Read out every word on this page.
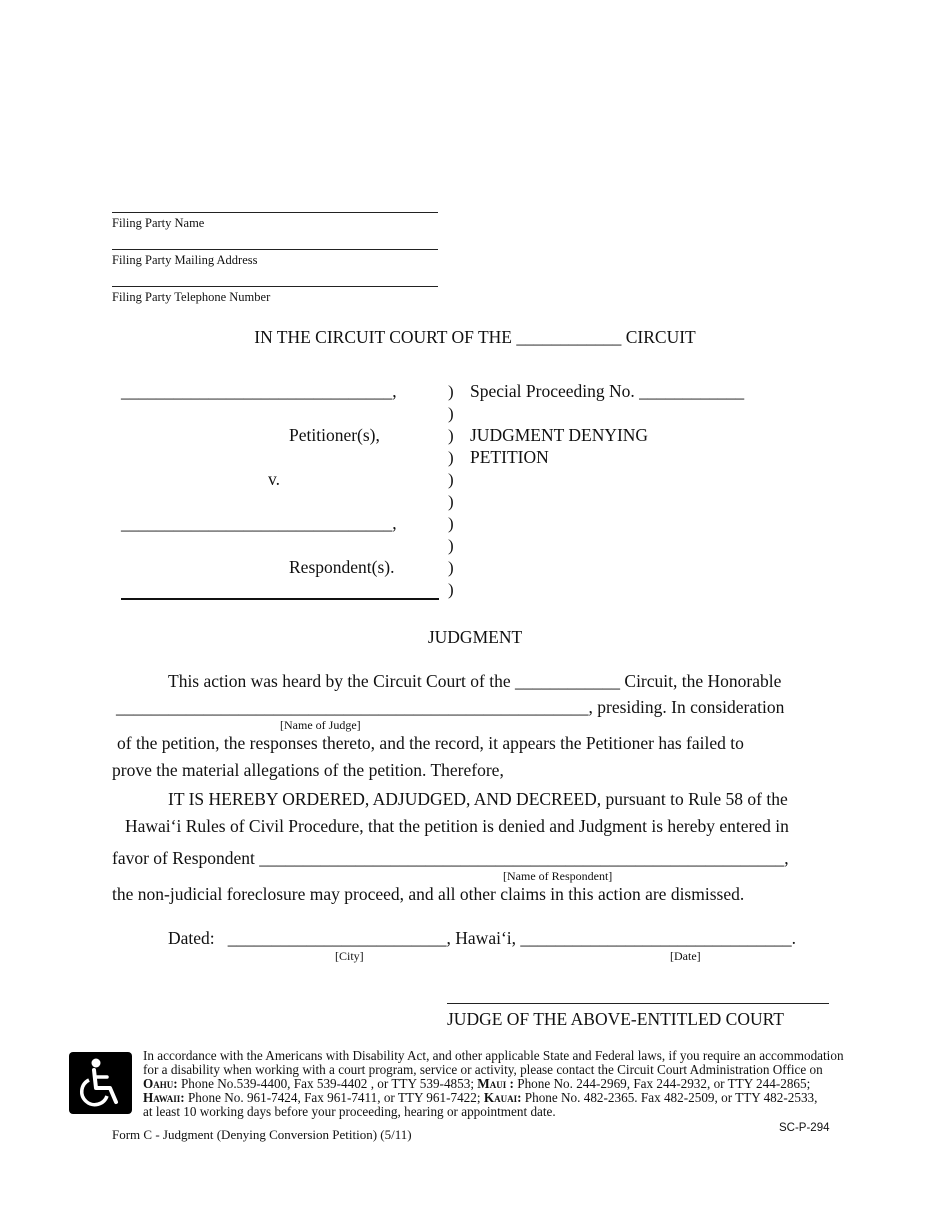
Filing Party Name
Filing Party Mailing Address
Filing Party Telephone Number
IN THE CIRCUIT COURT OF THE ____________ CIRCUIT
_______________________________,
Petitioner(s),
v.
_______________________________,
Respondent(s).
)
)
)
)
)
)
)
)
)
)
Special Proceeding No. ____________
JUDGMENT DENYING
PETITION
JUDGMENT
This action was heard by the Circuit Court of the ____________ Circuit, the Honorable
______________________________________________________, presiding. In consideration
[Name of Judge]
of the petition, the responses thereto, and the record, it appears the Petitioner has failed to
prove the material allegations of the petition. Therefore,
IT IS HEREBY ORDERED, ADJUDGED, AND DECREED, pursuant to Rule 58 of the
Hawai‘i Rules of Civil Procedure, that the petition is denied and Judgment is hereby entered in
favor of Respondent ____________________________________________________________,
[Name of Respondent]
the non-judicial foreclosure may proceed, and all other claims in this action are dismissed.
Dated: _________________________, Hawai‘i, _______________________________.
[City]	[Date]
JUDGE OF THE ABOVE-ENTITLED COURT
In accordance with the Americans with Disability Act, and other applicable State and Federal laws, if you require an accommodation
for a disability when working with a court program, service or activity, please contact the Circuit Court Administration Office on
Oahu: Phone No.539-4400, Fax 539-4402 , or TTY 539-4853; Maui : Phone No. 244-2969, Fax 244-2932, or TTY 244-2865;
Hawaii: Phone No. 961-7424, Fax 961-7411, or TTY 961-7422; Kauai: Phone No. 482-2365. Fax 482-2509, or TTY 482-2533,
at least 10 working days before your proceeding, hearing or appointment date.
Form C - Judgment (Denying Conversion Petition) (5/11)	SC-P-294
